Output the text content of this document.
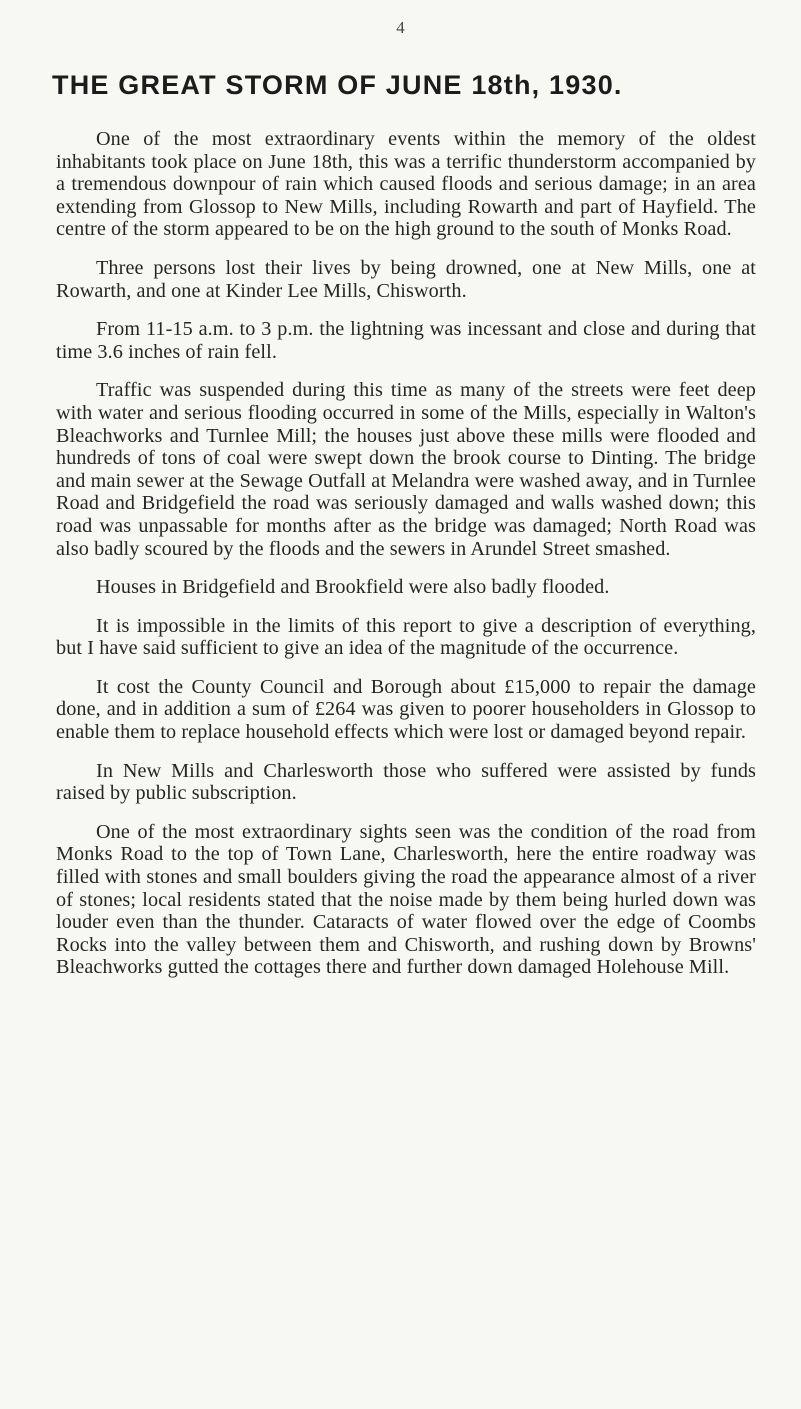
4
THE GREAT STORM OF JUNE 18th, 1930.

One of the most extraordinary events within the memory of the oldest inhabitants took place on June 18th, this was a terrific thunderstorm accompanied by a tremendous downpour of rain which caused floods and serious damage; in an area extending from Glossop to New Mills, including Rowarth and part of Hayfield. The centre of the storm appeared to be on the high ground to the south of Monks Road.

Three persons lost their lives by being drowned, one at New Mills, one at Rowarth, and one at Kinder Lee Mills, Chisworth.

From 11-15 a.m. to 3 p.m. the lightning was incessant and close and during that time 3.6 inches of rain fell.

Traffic was suspended during this time as many of the streets were feet deep with water and serious flooding occurred in some of the Mills, especially in Walton's Bleachworks and Turnlee Mill; the houses just above these mills were flooded and hundreds of tons of coal were swept down the brook course to Dinting. The bridge and main sewer at the Sewage Outfall at Melandra were washed away, and in Turnlee Road and Bridgefield the road was seriously damaged and walls washed down; this road was unpassable for months after as the bridge was damaged; North Road was also badly scoured by the floods and the sewers in Arundel Street smashed.

Houses in Bridgefield and Brookfield were also badly flooded.

It is impossible in the limits of this report to give a description of everything, but I have said sufficient to give an idea of the magnitude of the occurrence.

It cost the County Council and Borough about £15,000 to repair the damage done, and in addition a sum of £264 was given to poorer householders in Glossop to enable them to replace household effects which were lost or damaged beyond repair.

In New Mills and Charlesworth those who suffered were assisted by funds raised by public subscription.

One of the most extraordinary sights seen was the condition of the road from Monks Road to the top of Town Lane, Charlesworth, here the entire roadway was filled with stones and small boulders giving the road the appearance almost of a river of stones; local residents stated that the noise made by them being hurled down was louder even than the thunder. Cataracts of water flowed over the edge of Coombs Rocks into the valley between them and Chisworth, and rushing down by Browns' Bleachworks gutted the cottages there and further down damaged Holehouse Mill.
